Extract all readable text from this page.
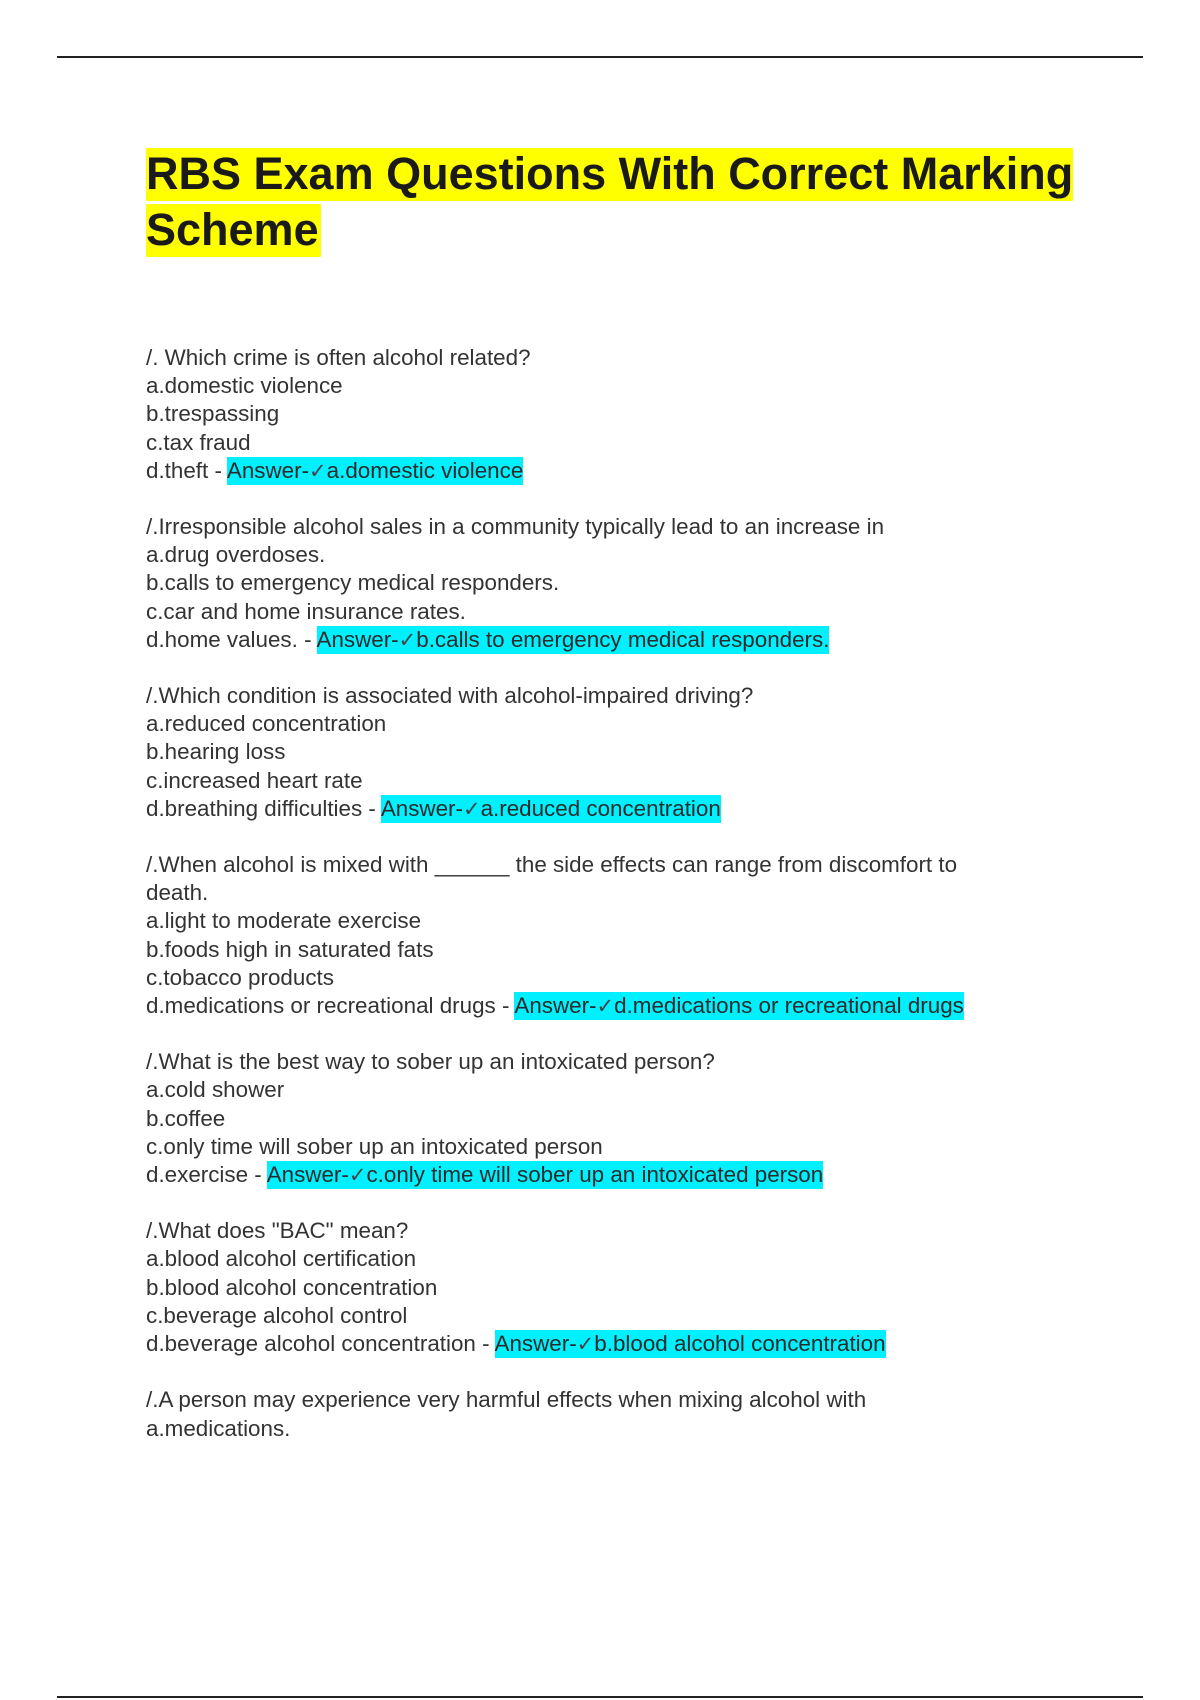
RBS Exam Questions With Correct Marking Scheme
/. Which crime is often alcohol related?
a.domestic violence
b.trespassing
c.tax fraud
d.theft - Answer-✓a.domestic violence
/.Irresponsible alcohol sales in a community typically lead to an increase in
a.drug overdoses.
b.calls to emergency medical responders.
c.car and home insurance rates.
d.home values. - Answer-✓b.calls to emergency medical responders.
/.Which condition is associated with alcohol-impaired driving?
a.reduced concentration
b.hearing loss
c.increased heart rate
d.breathing difficulties - Answer-✓a.reduced concentration
/.When alcohol is mixed with ______ the side effects can range from discomfort to
death.
a.light to moderate exercise
b.foods high in saturated fats
c.tobacco products
d.medications or recreational drugs - Answer-✓d.medications or recreational drugs
/.What is the best way to sober up an intoxicated person?
a.cold shower
b.coffee
c.only time will sober up an intoxicated person
d.exercise - Answer-✓c.only time will sober up an intoxicated person
/.What does "BAC" mean?
a.blood alcohol certification
b.blood alcohol concentration
c.beverage alcohol control
d.beverage alcohol concentration - Answer-✓b.blood alcohol concentration
/.A person may experience very harmful effects when mixing alcohol with
a.medications.
